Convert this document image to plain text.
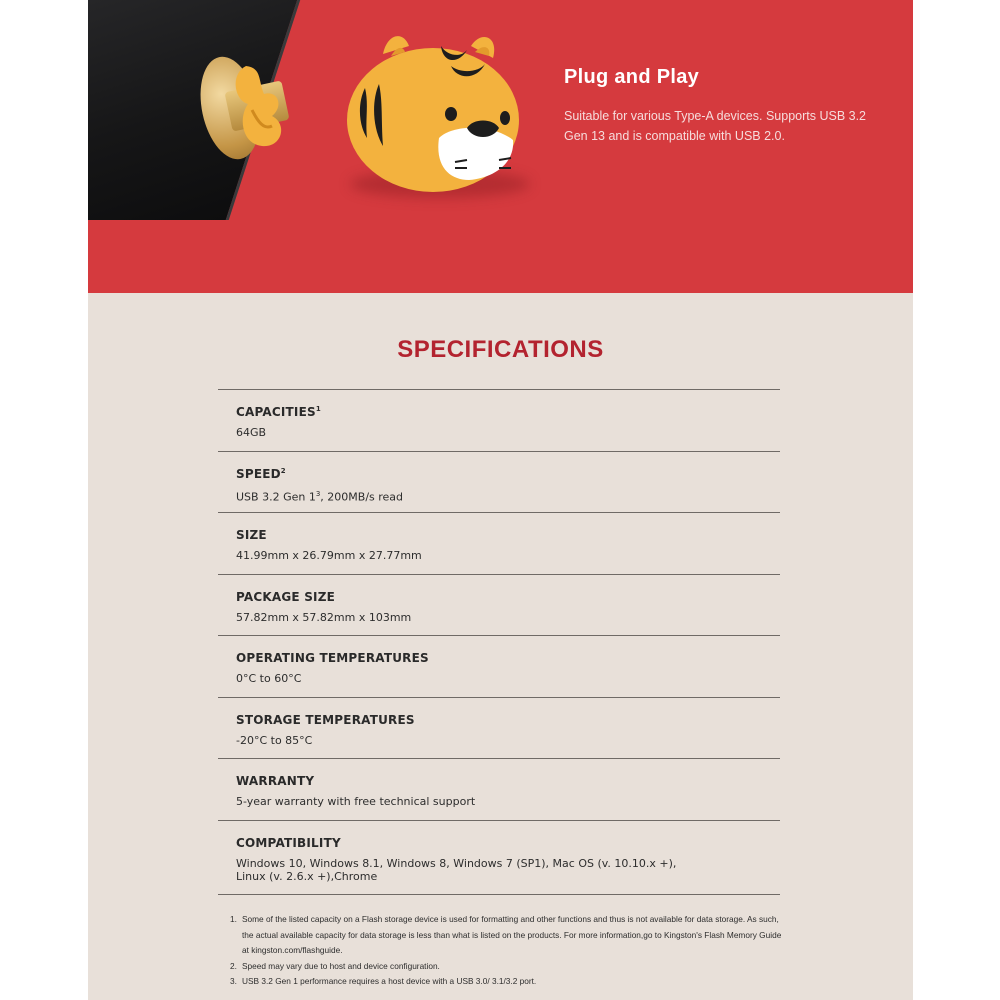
Plug and Play
Suitable for various Type-A devices. Supports USB 3.2 Gen 13 and is compatible with USB 2.0.
SPECIFICATIONS
CAPACITIES$^1$
64GB
SPEED$^2$
USB 3.2 Gen $1^3$, 200MB/s read
SIZE
41.99mm x 26.79mm x 27.77mm
PACKAGE SIZE
57.82mm x 57.82mm x 103mm
OPERATING TEMPERATURES
0°C to 60°C
STORAGE TEMPERATURES
-20°C to 85°C
WARRANTY
5-year warranty with free technical support
COMPATIBILITY
Windows 10, Windows 8.1, Windows 8, Windows 7 (SP1), Mac OS (v. 10.10.x +),
Linux (v. 2.6.x +),Chrome
1. Some of the listed capacity on a Flash storage device is used for formatting and other functions and thus is not available for data storage. As such, the actual available capacity for data storage is less than what is listed on the products. For more information,go to Kingston's Flash Memory Guide at kingston.com/flashguide.
2. Speed may vary due to host and device configuration.
3. USB 3.2 Gen 1 performance requires a host device with a USB 3.0/ 3.1/3.2 port.
